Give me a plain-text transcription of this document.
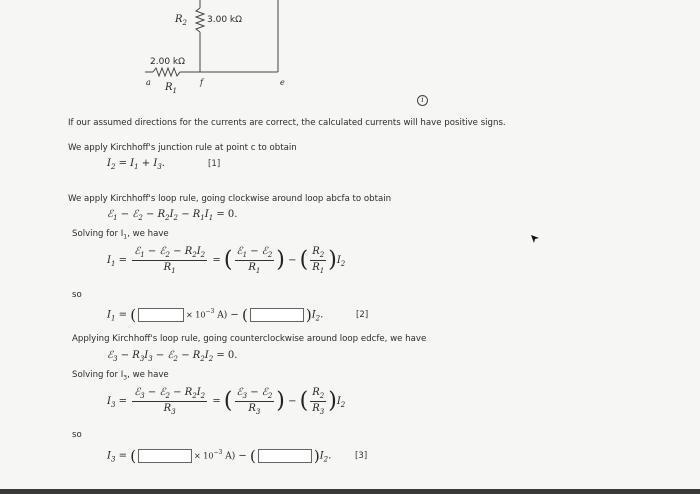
$R_2$ 3.00 kΩ
2.00 kΩ
a $R_1$
f	e
i
If our assumed directions for the currents are correct, the calculated currents will have positive signs.
We apply Kirchhoff's junction rule at point c to obtain
$I_2 = I_1 + I_3$.	[1]
We apply Kirchhoff's loop rule, going clockwise around loop abcfa to obtain
ℰ$_1$ − ℰ$_2$ − $R_2I_2 - R_1I_1 = 0$.
Solving for $I_1$, we have
$I_1 = \frac{ℰ_1 - ℰ_2 - R_2I_2}{R_1}$ = ( $\frac{ℰ_1 - ℰ_2}{R_1}$ ) − ( $\frac{R_2}{R_1} )I_2$
so
$I_1$ = (	× $10^{-3}$ A) − (	)$I_2$.	[2]
Applying Kirchhoff's loop rule, going counterclockwise around loop edcfe, we have
ℰ$_3$ − $R_3I_3$ − ℰ$_2$ − $R_2I_2 = 0$.
Solving for $I_3$, we have
$I_3 = \frac{ℰ_3 - ℰ_2 - R_2I_2}{R_3}$ = ( $\frac{ℰ_3 - ℰ_2}{R_3}$ ) − ( $\frac{R_2}{R_3} )I_2$
so
$I_3$ = (	× $10^{-3}$ A) − (	)$I_2$.	[3]
